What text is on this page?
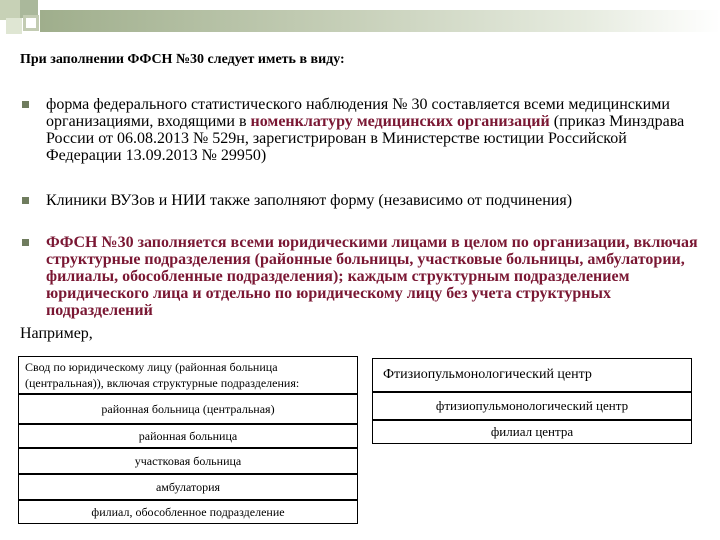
При заполнении ФФСН №30 следует иметь в виду:
форма федерального статистического наблюдения № 30 составляется всеми медицинскими организациями, входящими в номенклатуру медицинских организаций (приказ Минздрава России от 06.08.2013 № 529н, зарегистрирован в Министерстве юстиции Российской Федерации 13.09.2013 № 29950)
Клиники ВУЗов и НИИ также заполняют форму (независимо от подчинения)
ФФСН №30 заполняется всеми юридическими лицами в целом по организации, включая структурные подразделения (районные больницы, участковые больницы, амбулатории, филиалы, обособленные подразделения); каждым структурным подразделением юридического лица и отдельно по юридическому лицу без учета структурных подразделений
Например,
Свод по юридическому лицу (районная больница (центральная)), включая структурные подразделения:
районная больница (центральная)
районная больница
участковая больница
амбулатория
филиал, обособленное подразделение
Фтизиопульмонологический центр
фтизиопульмонологический центр
филиал центра
